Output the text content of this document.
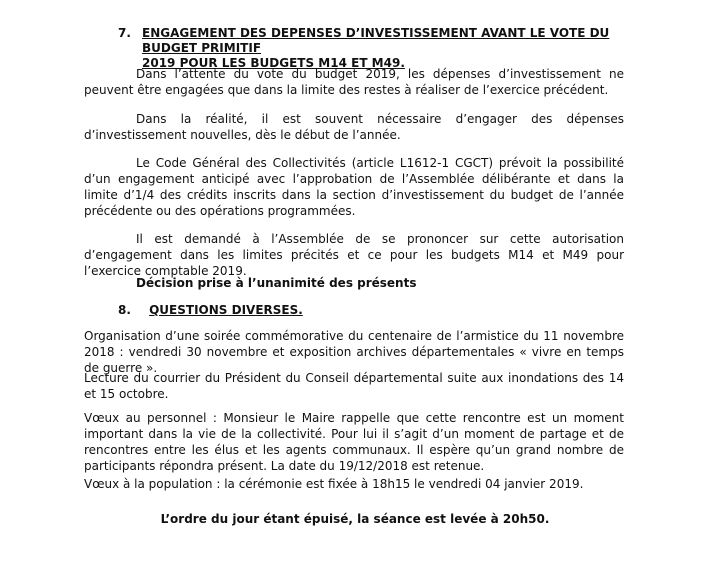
7. ENGAGEMENT DES DEPENSES D’INVESTISSEMENT AVANT LE VOTE DU BUDGET PRIMITIF
2019 POUR LES BUDGETS M14 ET M49.
Dans l’attente du vote du budget 2019, les dépenses d’investissement ne peuvent être engagées que dans la limite des restes à réaliser de l’exercice précédent.
Dans la réalité, il est souvent nécessaire d’engager des dépenses d’investissement nouvelles, dès le début de l’année.
Le Code Général des Collectivités (article L1612-1 CGCT) prévoit la possibilité d’un engagement anticipé avec l’approbation de l’Assemblée délibérante et dans la limite d’1/4 des crédits inscrits dans la section d’investissement du budget de l’année précédente ou des opérations programmées.
Il est demandé à l’Assemblée de se prononcer sur cette autorisation d’engagement dans les limites précités et ce pour les budgets M14 et M49 pour l’exercice comptable 2019.
Décision prise à l’unanimité des présents
8. QUESTIONS DIVERSES.
Organisation d’une soirée commémorative du centenaire de l’armistice du 11 novembre 2018 : vendredi 30 novembre et exposition archives départementales « vivre en temps de guerre ».
Lecture du courrier du Président du Conseil départemental suite aux inondations des 14 et 15 octobre.
Vœux au personnel : Monsieur le Maire rappelle que cette rencontre est un moment important dans la vie de la collectivité. Pour lui il s’agit d’un moment de partage et de rencontres entre les élus et les agents communaux. Il espère qu’un grand nombre de participants répondra présent. La date du 19/12/2018 est retenue.
Vœux à la population : la cérémonie est fixée à 18h15 le vendredi 04 janvier 2019.
L’ordre du jour étant épuisé, la séance est levée à 20h50.
